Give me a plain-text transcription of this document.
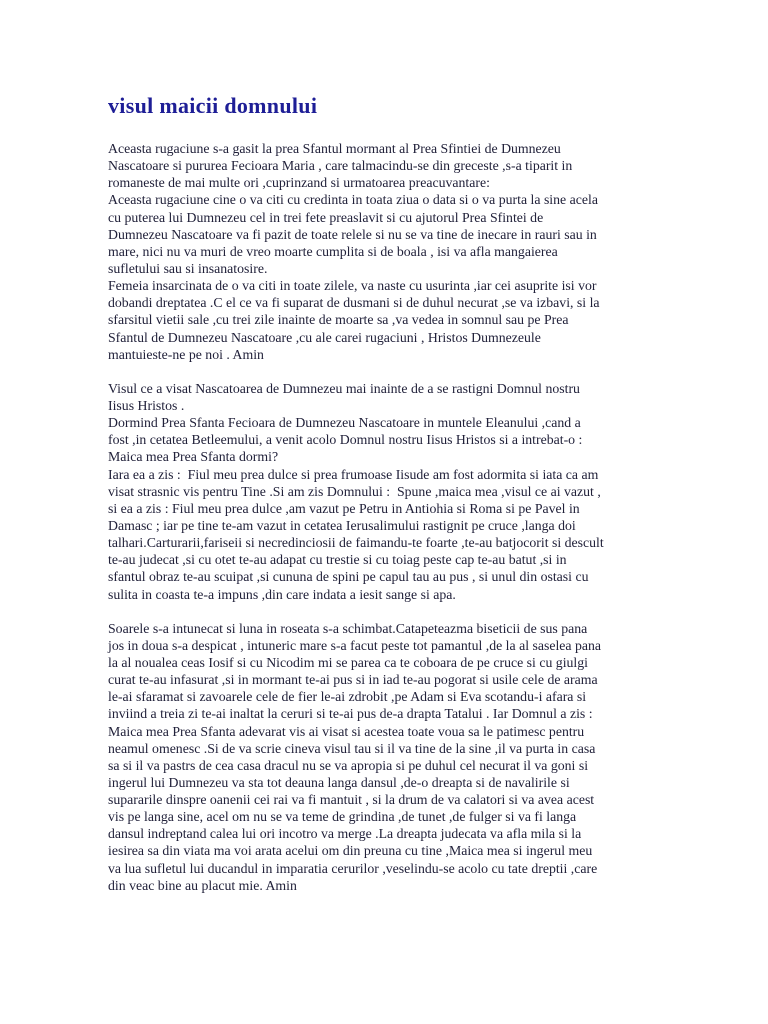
visul maicii domnului
Aceasta rugaciune s-a gasit la prea Sfantul mormant al Prea Sfintiei de Dumnezeu
Nascatoare si pururea Fecioara Maria , care talmacindu-se din greceste ,s-a tiparit in
romaneste de mai multe ori ,cuprinzand si urmatoarea preacuvantare:
Aceasta rugaciune cine o va citi cu credinta in toata ziua o data si o va purta la sine acela
cu puterea lui Dumnezeu cel in trei fete preaslavit si cu ajutorul Prea Sfintei de
Dumnezeu Nascatoare va fi pazit de toate relele si nu se va tine de inecare in rauri sau in
mare, nici nu va muri de vreo moarte cumplita si de boala , isi va afla mangaierea
sufletului sau si insanatosire.
Femeia insarcinata de o va citi in toate zilele, va naste cu usurinta ,iar cei asuprite isi vor
dobandi dreptatea .C el ce va fi suparat de dusmani si de duhul necurat ,se va izbavi, si la
sfarsitul vietii sale ,cu trei zile inainte de moarte sa ,va vedea in somnul sau pe Prea
Sfantul de Dumnezeu Nascatoare ,cu ale carei rugaciuni , Hristos Dumnezeule
mantuieste-ne pe noi . Amin
Visul ce a visat Nascatoarea de Dumnezeu mai inainte de a se rastigni Domnul nostru
Iisus Hristos .
Dormind Prea Sfanta Fecioara de Dumnezeu Nascatoare in muntele Eleanului ,cand a
fost ,in cetatea Betleemului, a venit acolo Domnul nostru Iisus Hristos si a intrebat-o :
Maica mea Prea Sfanta dormi?
Iara ea a zis :  Fiul meu prea dulce si prea frumoase Iisude am fost adormita si iata ca am
visat strasnic vis pentru Tine .Si am zis Domnului :  Spune ,maica mea ,visul ce ai vazut ,
si ea a zis : Fiul meu prea dulce ,am vazut pe Petru in Antiohia si Roma si pe Pavel in
Damasc ; iar pe tine te-am vazut in cetatea Ierusalimului rastignit pe cruce ,langa doi
talhari.Carturarii,fariseii si necredinciosii de faimandu-te foarte ,te-au batjocorit si descult
te-au judecat ,si cu otet te-au adapat cu trestie si cu toiag peste cap te-au batut ,si in
sfantul obraz te-au scuipat ,si cununa de spini pe capul tau au pus , si unul din ostasi cu
sulita in coasta te-a impuns ,din care indata a iesit sange si apa.
Soarele s-a intunecat si luna in roseata s-a schimbat.Catapeteazma biseticii de sus pana
jos in doua s-a despicat , intuneric mare s-a facut peste tot pamantul ,de la al saselea pana
la al noualea ceas Iosif si cu Nicodim mi se parea ca te coboara de pe cruce si cu giulgi
curat te-au infasurat ,si in mormant te-ai pus si in iad te-au pogorat si usile cele de arama
le-ai sfaramat si zavoarele cele de fier le-ai zdrobit ,pe Adam si Eva scotandu-i afara si
inviind a treia zi te-ai inaltat la ceruri si te-ai pus de-a drapta Tatalui . Iar Domnul a zis :
Maica mea Prea Sfanta adevarat vis ai visat si acestea toate voua sa le patimesc pentru
neamul omenesc .Si de va scrie cineva visul tau si il va tine de la sine ,il va purta in casa
sa si il va pastrs de cea casa dracul nu se va apropia si pe duhul cel necurat il va goni si
ingerul lui Dumnezeu va sta tot deauna langa dansul ,de-o dreapta si de navalirile si
supararile dinspre oanenii cei rai va fi mantuit , si la drum de va calatori si va avea acest
vis pe langa sine, acel om nu se va teme de grindina ,de tunet ,de fulger si va fi langa
dansul indreptand calea lui ori incotro va merge .La dreapta judecata va afla mila si la
iesirea sa din viata ma voi arata acelui om din preuna cu tine ,Maica mea si ingerul meu
va lua sufletul lui ducandul in imparatia cerurilor ,veselindu-se acolo cu tate dreptii ,care
din veac bine au placut mie. Amin
